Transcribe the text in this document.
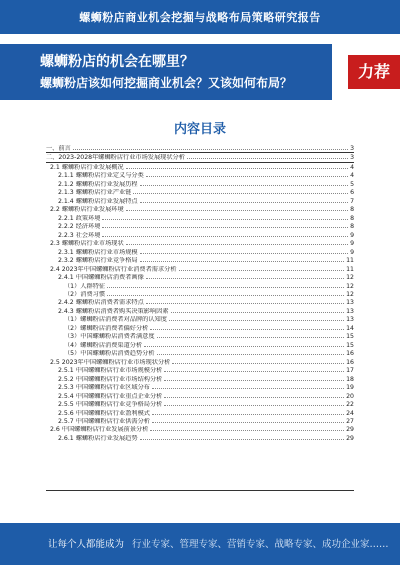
螺蛳粉店商业机会挖掘与战略布局策略研究报告
螺蛳粉店的机会在哪里？
螺蛳粉店该如何挖掘商业机会？又该如何布局？
力荐
内容目录
一、前言	3
二、2023-2028年螺蛳粉店行业市场发展现状分析	3
2.1 螺蛳粉店行业发展概况	4
2.1.1 螺蛳粉店行业定义与分类	4
2.1.2 螺蛳粉店行业发展历程	5
2.1.3 螺蛳粉店行业产业链	6
2.1.4 螺蛳粉店行业发展特点	7
2.2 螺蛳粉店行业发展环境	8
2.2.1 政策环境	8
2.2.2 经济环境	8
2.2.3 社会环境	9
2.3 螺蛳粉店行业市场现状	9
2.3.1 螺蛳粉店行业市场规模	9
2.3.2 螺蛳粉店行业竞争格局	11
2.4 2023年中国螺蛳粉店行业消费者需求分析	11
2.4.1 中国螺蛳粉店消费者画像	12
（1）人群特征	12
（2）消费习惯	12
2.4.2 螺蛳粉店消费者需求特点	13
2.4.3 螺蛳粉店消费者购买决策影响因素	13
（1）螺蛳粉店消费者对品牌的认知度	13
（2）螺蛳粉店消费者偏好分析	14
（3）中国螺蛳粉店消费者满意度	15
（4）螺蛳粉店消费渠道分析	15
（5）中国螺蛳粉店消费趋势分析	16
2.5 2023年中国螺蛳粉店行业市场现状分析	16
2.5.1 中国螺蛳粉店行业市场规模分析	17
2.5.2 中国螺蛳粉店行业市场结构分析	18
2.5.3 中国螺蛳粉店行业区域分布	19
2.5.4 中国螺蛳粉店行业重点企业分析	20
2.5.5 中国螺蛳粉店行业竞争格局分析	22
2.5.6 中国螺蛳粉店行业盈利模式	24
2.5.7 中国螺蛳粉店行业供需分析	27
2.6 中国螺蛳粉店行业发展前景分析	29
2.6.1 螺蛳粉店行业发展趋势	29
让每个人都能成为 行业专家、管理专家、营销专家、战略专家、成功企业家……
